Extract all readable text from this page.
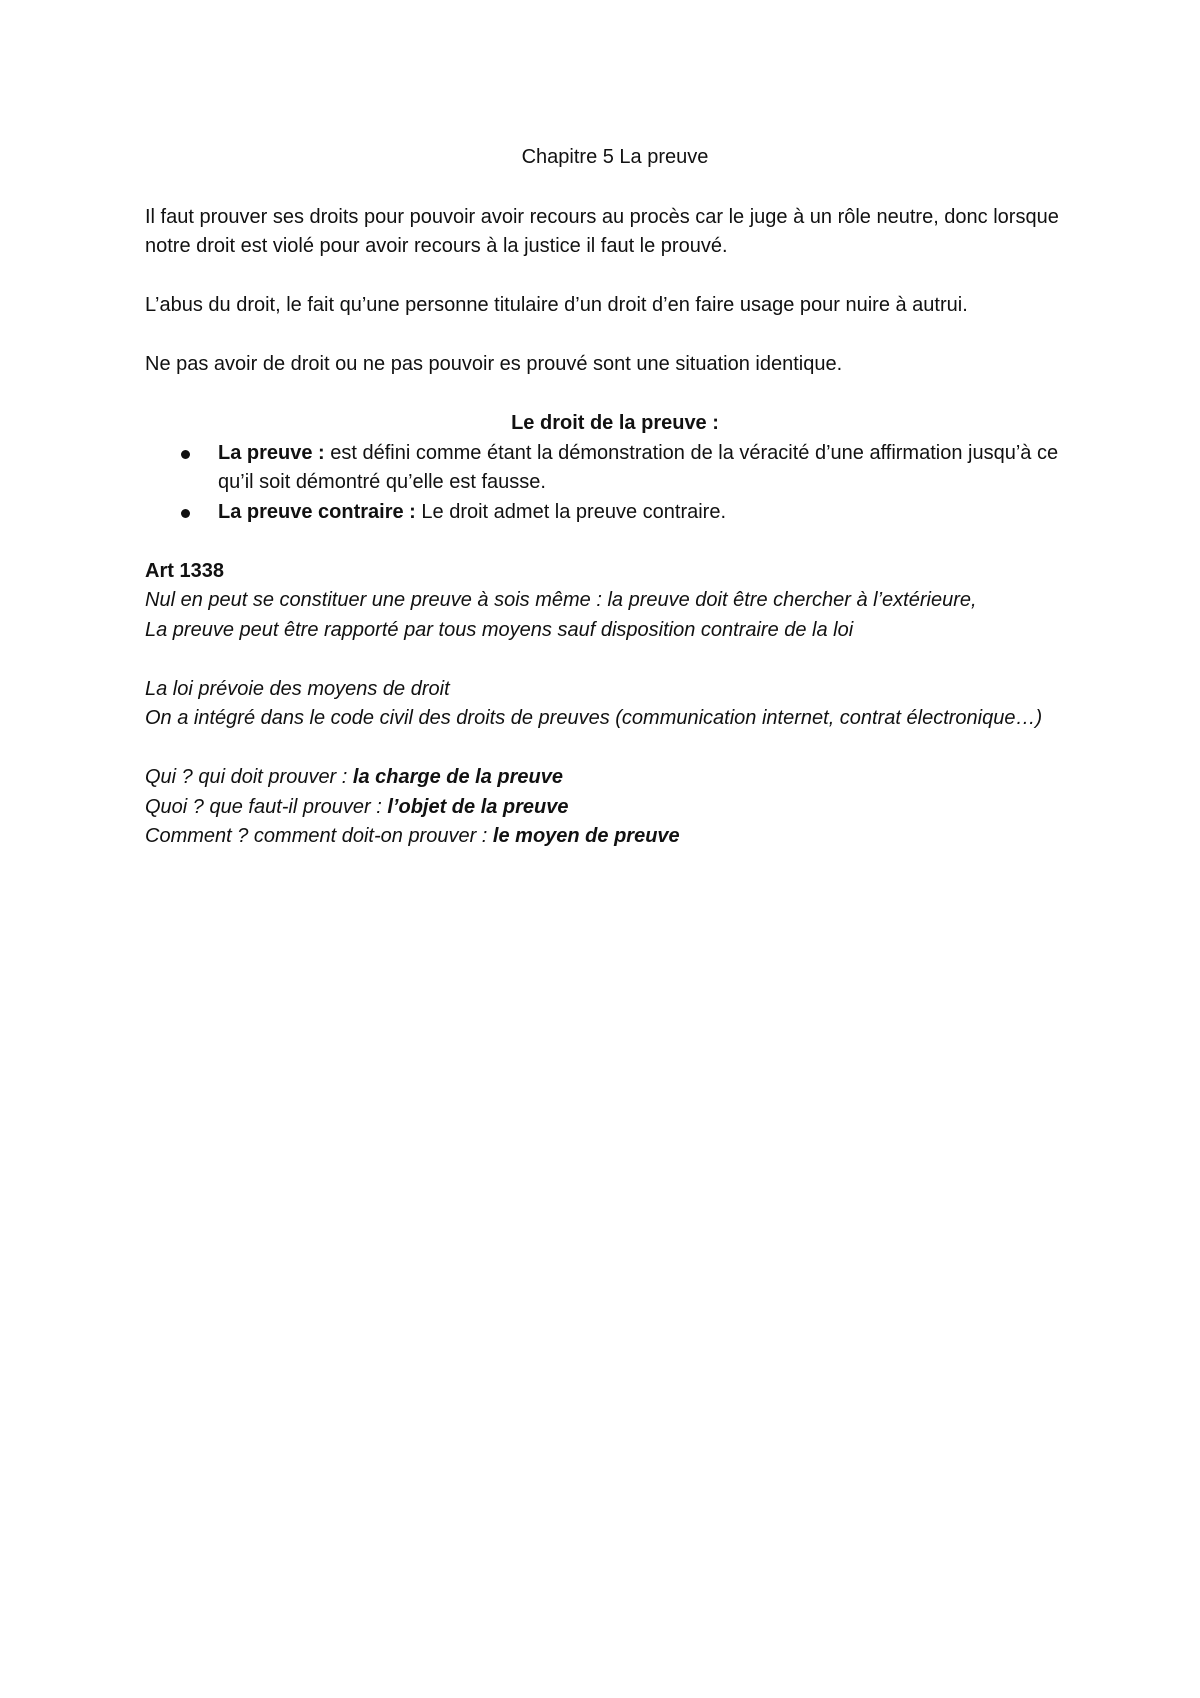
Chapitre 5 La preuve

Il faut prouver ses droits pour pouvoir avoir recours au procès car le juge à un rôle neutre, donc lorsque notre droit est violé pour avoir recours à la justice il faut le prouvé.

L’abus du droit, le fait qu’une personne titulaire d’un droit d’en faire usage pour nuire à autrui.

Ne pas avoir de droit ou ne pas pouvoir es prouvé sont une situation identique.

Le droit de la preuve :

La preuve : est défini comme étant la démonstration de la véracité d’une affirmation jusqu’à ce qu’il soit démontré qu’elle est fausse.
La preuve contraire : Le droit admet la preuve contraire.

Art 1338

Nul en peut se constituer une preuve à sois même : la preuve doit être chercher à l’extérieure,

La preuve peut être rapporté par tous moyens sauf disposition contraire de la loi

La loi prévoie des moyens de droit

On a intégré dans le code civil des droits de preuves (communication internet, contrat électronique…)

Qui ? qui doit prouver : la charge de la preuve

Quoi ? que faut-il prouver : l’objet de la preuve

Comment ? comment doit-on prouver : le moyen de preuve
